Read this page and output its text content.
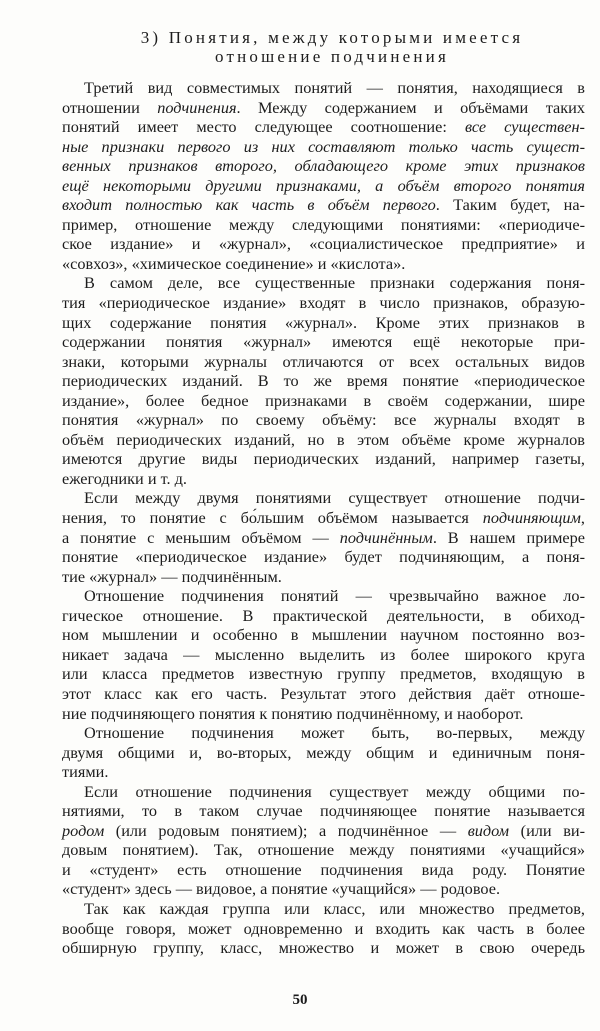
3) Понятия, между которыми имеется
отношение подчинения
Третий вид совместимых понятий — понятия, находящиеся в
отношении подчинения. Между содержанием и объёмами таких
понятий имеет место следующее соотношение: все существен-
ные признаки первого из них составляют только часть сущест-
венных признаков второго, обладающего кроме этих признаков
ещё некоторыми другими признаками, а объём второго понятия
входит полностью как часть в объём первого. Таким будет, на-
пример, отношение между следующими понятиями: «периодиче-
ское издание» и «журнал», «социалистическое предприятие» и
«совхоз», «химическое соединение» и «кислота».
В самом деле, все существенные признаки содержания поня-
тия «периодическое издание» входят в число признаков, образую-
щих содержание понятия «журнал». Кроме этих признаков в
содержании понятия «журнал» имеются ещё некоторые при-
знаки, которыми журналы отличаются от всех остальных видов
периодических изданий. В то же время понятие «периодическое
издание», более бедное признаками в своём содержании, шире
понятия «журнал» по своему объёму: все журналы входят в
объём периодических изданий, но в этом объёме кроме журналов
имеются другие виды периодических изданий, например газеты,
ежегодники и т. д.
Если между двумя понятиями существует отношение подчи-
нения, то понятие с бо́льшим объёмом называется подчиняющим,
а понятие с меньшим объёмом — подчинённым. В нашем примере
понятие «периодическое издание» будет подчиняющим, а поня-
тие «журнал» — подчинённым.
Отношение подчинения понятий — чрезвычайно важное ло-
гическое отношение. В практической деятельности, в обиход-
ном мышлении и особенно в мышлении научном постоянно воз-
никает задача — мысленно выделить из более широкого круга
или класса предметов известную группу предметов, входящую в
этот класс как его часть. Результат этого действия даёт отноше-
ние подчиняющего понятия к понятию подчинённому, и наоборот.
Отношение подчинения может быть, во-первых, между
двумя общими и, во-вторых, между общим и единичным поня-
тиями.
Если отношение подчинения существует между общими по-
нятиями, то в таком случае подчиняющее понятие называется
родом (или родовым понятием); а подчинённое — видом (или ви-
довым понятием). Так, отношение между понятиями «учащийся»
и «студент» есть отношение подчинения вида роду. Понятие
«студент» здесь — видовое, а понятие «учащийся» — родовое.
Так как каждая группа или класс, или множество предметов,
вообще говоря, может одновременно и входить как часть в более
обширную группу, класс, множество и может в свою очередь
50
